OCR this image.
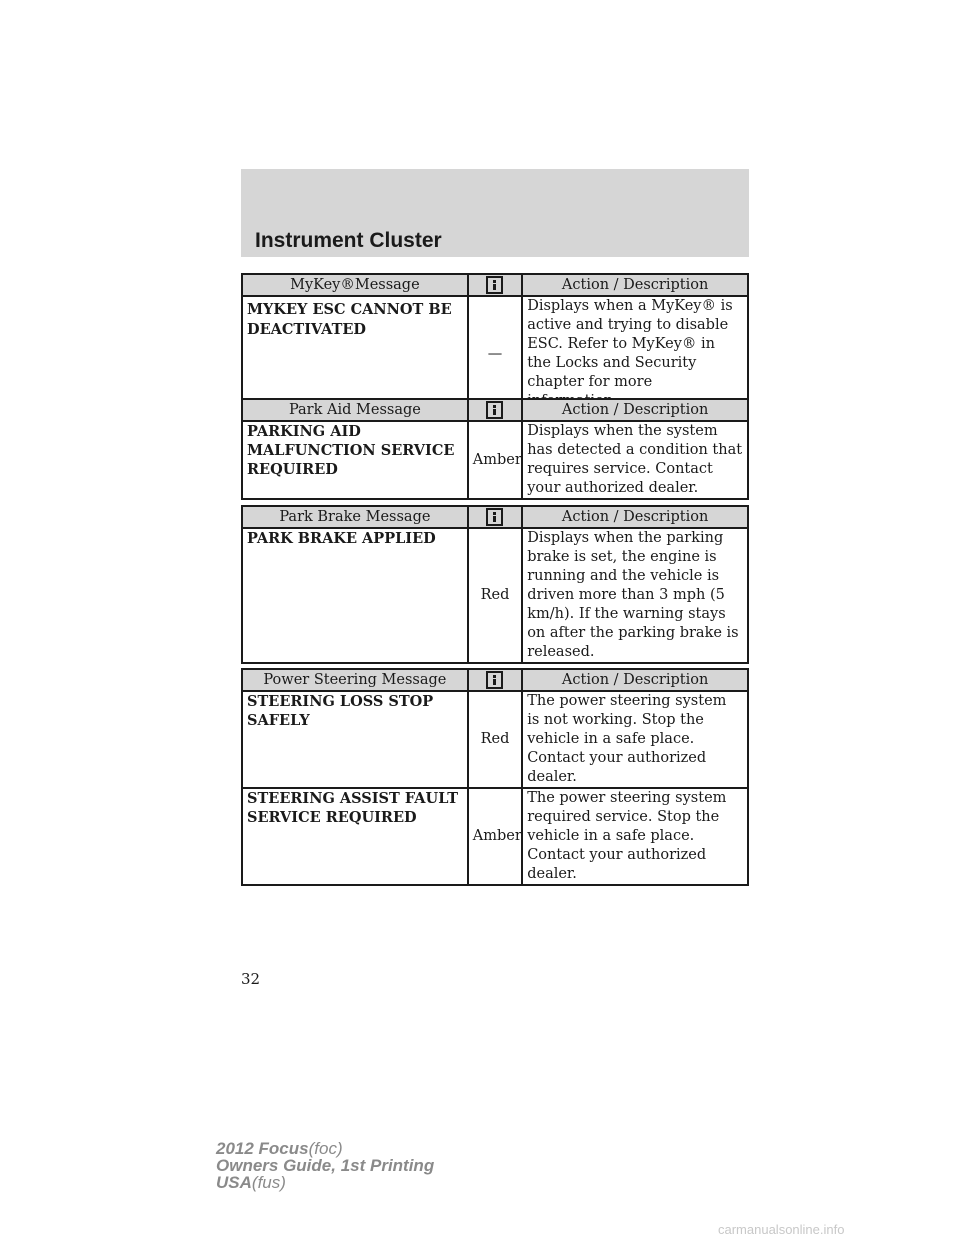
Instrument Cluster
MyKey®Message		Action / Description

MYKEY ESC CANNOT BE
DEACTIVATED	—	Displays when a MyKey® is active and trying to disable ESC. Refer to MyKey® in the Locks and Security chapter for more
Park Aid Message		Action / Description
PARKING AID
MALFUNCTION SERVICE
REQUIRED	Amber	Displays when the system has detected a condition that requires service. Contact your authorized dealer.
Park Brake Message		Action / Description
PARK BRAKE APPLIED	Red	Displays when the parking brake is set, the engine is running and the vehicle is driven more than 3 mph (5 km/h). If the warning stays on after the parking brake is released.
Power Steering Message		Action / Description
STEERING LOSS STOP
SAFELY	Red	The power steering system is not working. Stop the vehicle in a safe place. Contact your authorized dealer.
STEERING ASSIST FAULT
SERVICE REQUIRED	Amber	The power steering system required service. Stop the vehicle in a safe place. Contact your authorized dealer.
32
2012 Focus(foc)
Owners Guide, 1st Printing
USA(fus)
carmanualsonline.info
